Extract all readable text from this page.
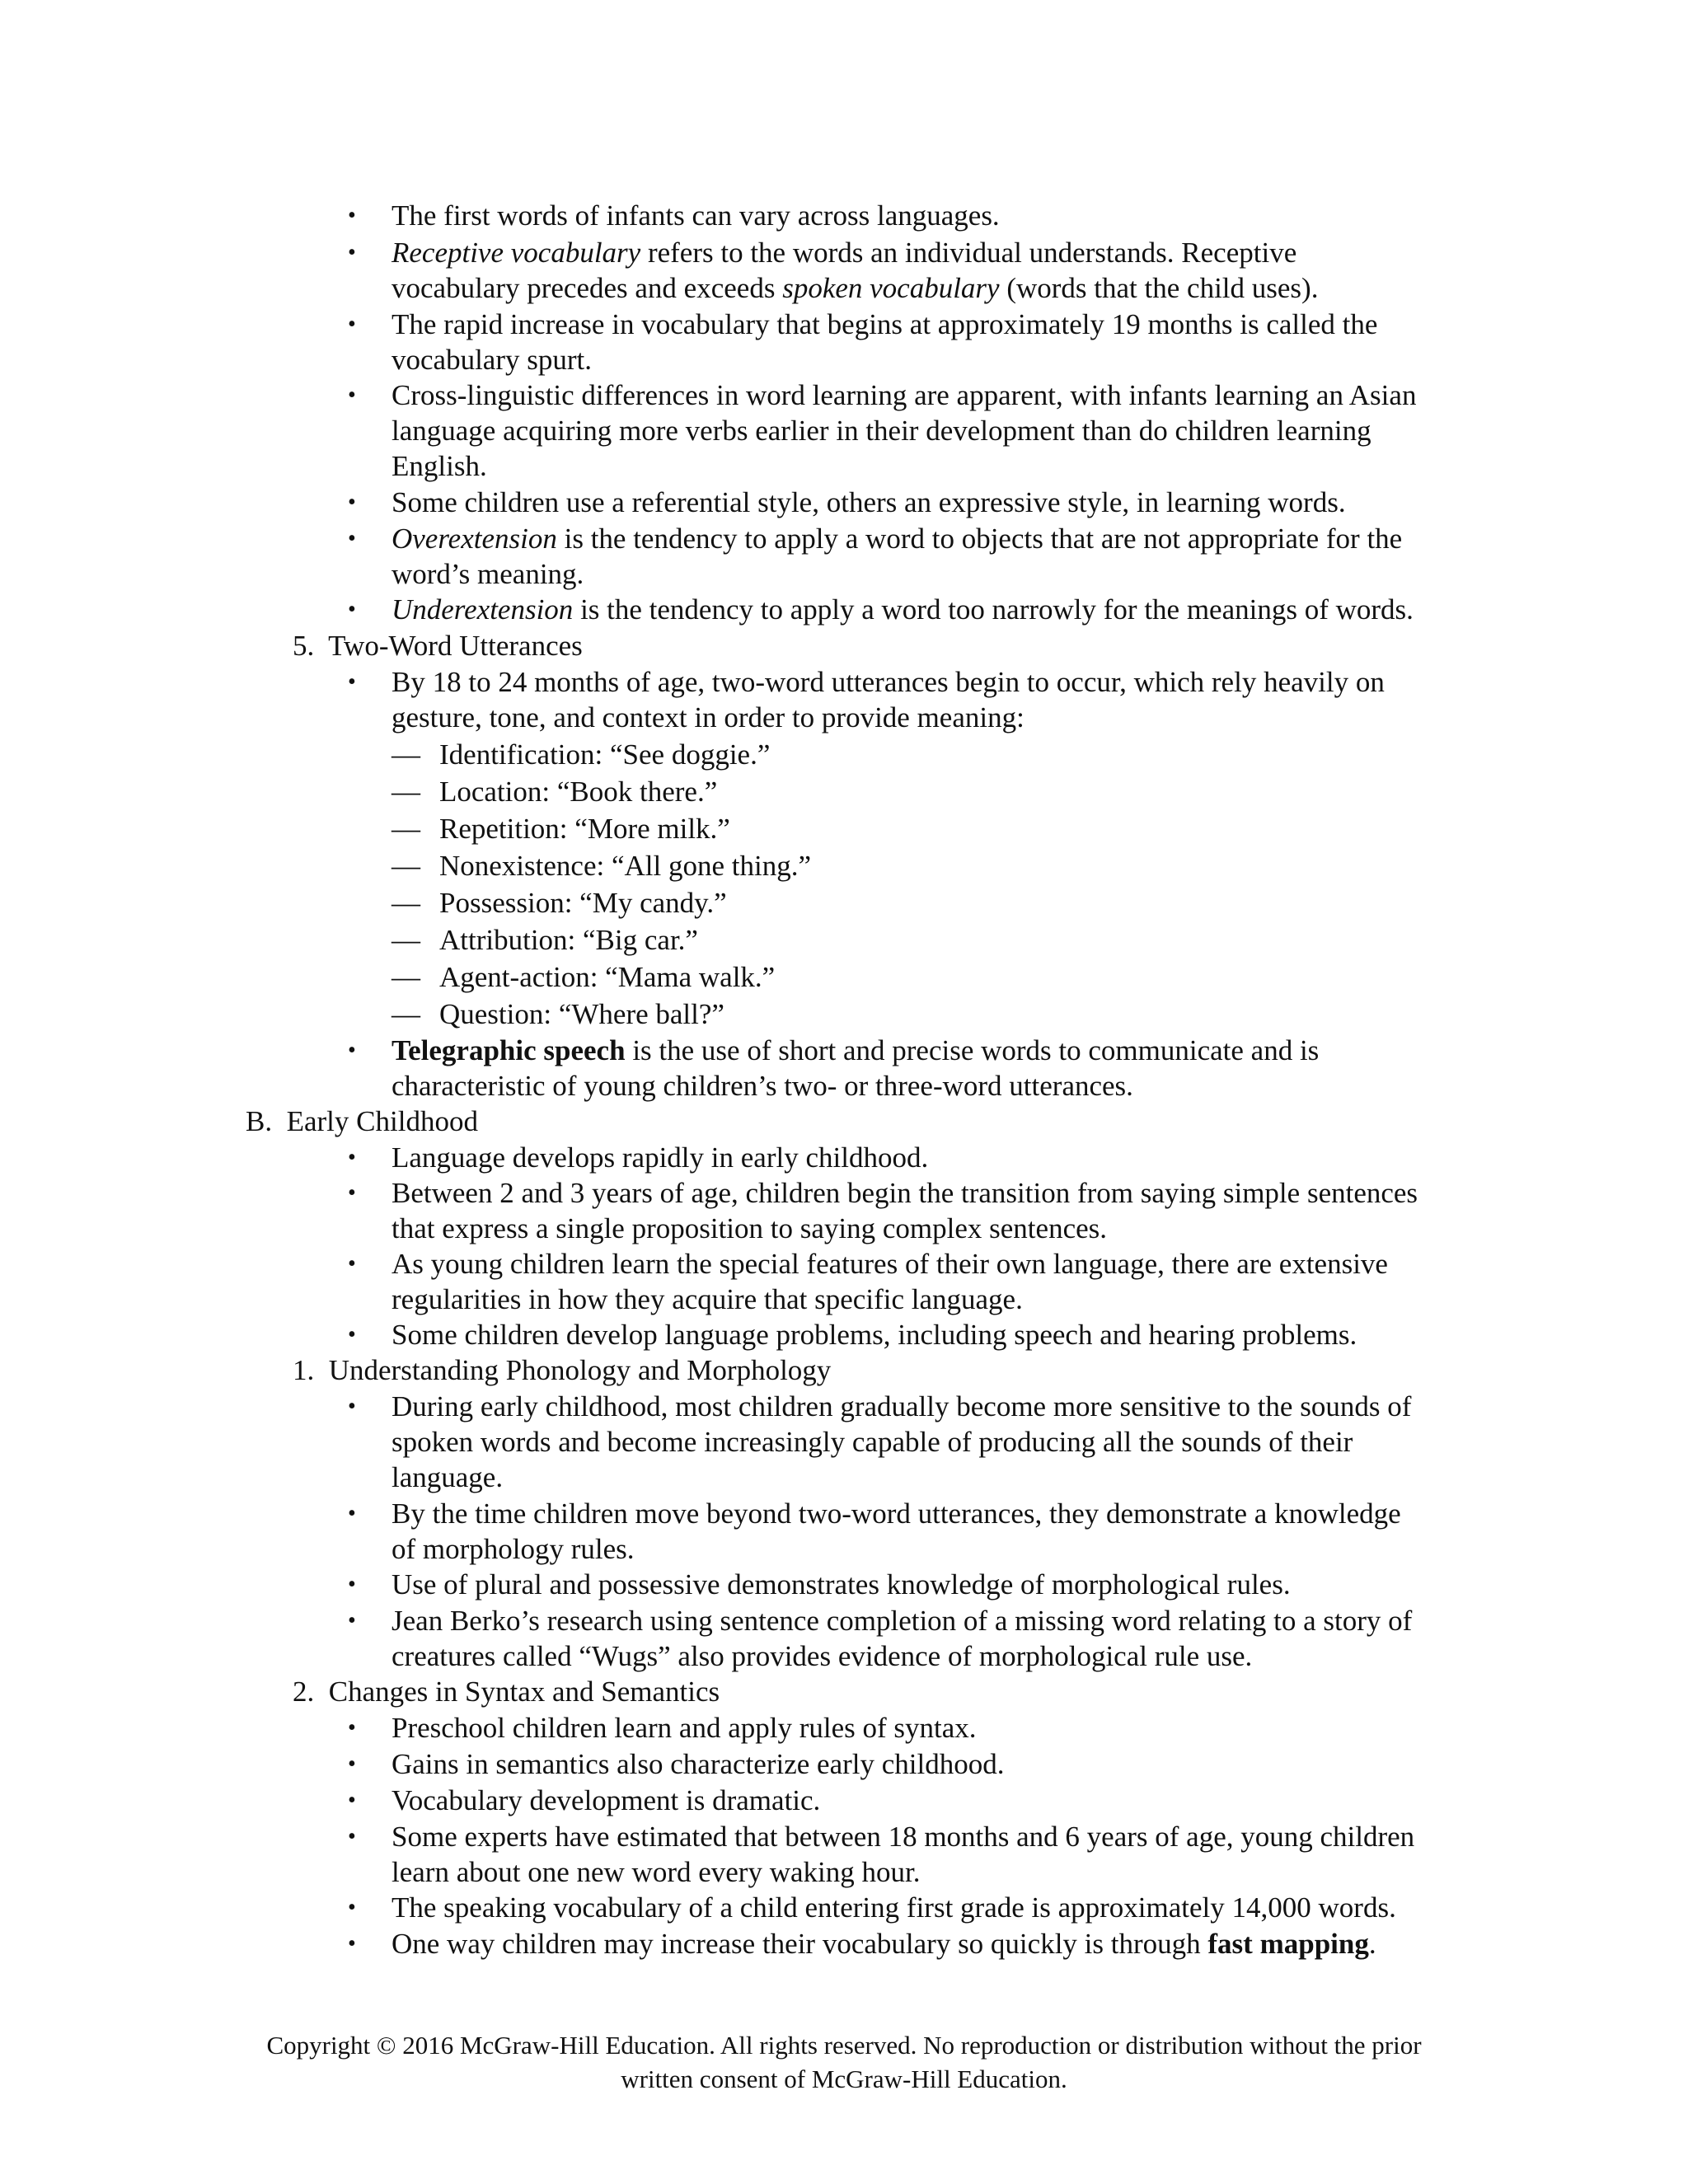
• The first words of infants can vary across languages.
• Receptive vocabulary refers to the words an individual understands. Receptive
vocabulary precedes and exceeds spoken vocabulary (words that the child uses).
• The rapid increase in vocabulary that begins at approximately 19 months is called the
vocabulary spurt.
• Cross-linguistic differences in word learning are apparent, with infants learning an Asian
language acquiring more verbs earlier in their development than do children learning
English.
• Some children use a referential style, others an expressive style, in learning words.
• Overextension is the tendency to apply a word to objects that are not appropriate for the
word’s meaning.
• Underextension is the tendency to apply a word too narrowly for the meanings of words.
5. Two-Word Utterances
• By 18 to 24 months of age, two-word utterances begin to occur, which rely heavily on
gesture, tone, and context in order to provide meaning:
— Identification: “See doggie.”
— Location: “Book there.”
— Repetition: “More milk.”
— Nonexistence: “All gone thing.”
— Possession: “My candy.”
— Attribution: “Big car.”
— Agent-action: “Mama walk.”
— Question: “Where ball?”
• Telegraphic speech is the use of short and precise words to communicate and is
characteristic of young children’s two- or three-word utterances.
B. Early Childhood
• Language develops rapidly in early childhood.
• Between 2 and 3 years of age, children begin the transition from saying simple sentences
that express a single proposition to saying complex sentences.
• As young children learn the special features of their own language, there are extensive
regularities in how they acquire that specific language.
• Some children develop language problems, including speech and hearing problems.
1. Understanding Phonology and Morphology
• During early childhood, most children gradually become more sensitive to the sounds of
spoken words and become increasingly capable of producing all the sounds of their
language.
• By the time children move beyond two-word utterances, they demonstrate a knowledge
of morphology rules.
• Use of plural and possessive demonstrates knowledge of morphological rules.
• Jean Berko’s research using sentence completion of a missing word relating to a story of
creatures called “Wugs” also provides evidence of morphological rule use.
2. Changes in Syntax and Semantics
• Preschool children learn and apply rules of syntax.
• Gains in semantics also characterize early childhood.
• Vocabulary development is dramatic.
• Some experts have estimated that between 18 months and 6 years of age, young children
learn about one new word every waking hour.
• The speaking vocabulary of a child entering first grade is approximately 14,000 words.
• One way children may increase their vocabulary so quickly is through fast mapping.
Copyright © 2016 McGraw-Hill Education. All rights reserved. No reproduction or distribution without the prior
written consent of McGraw-Hill Education.
